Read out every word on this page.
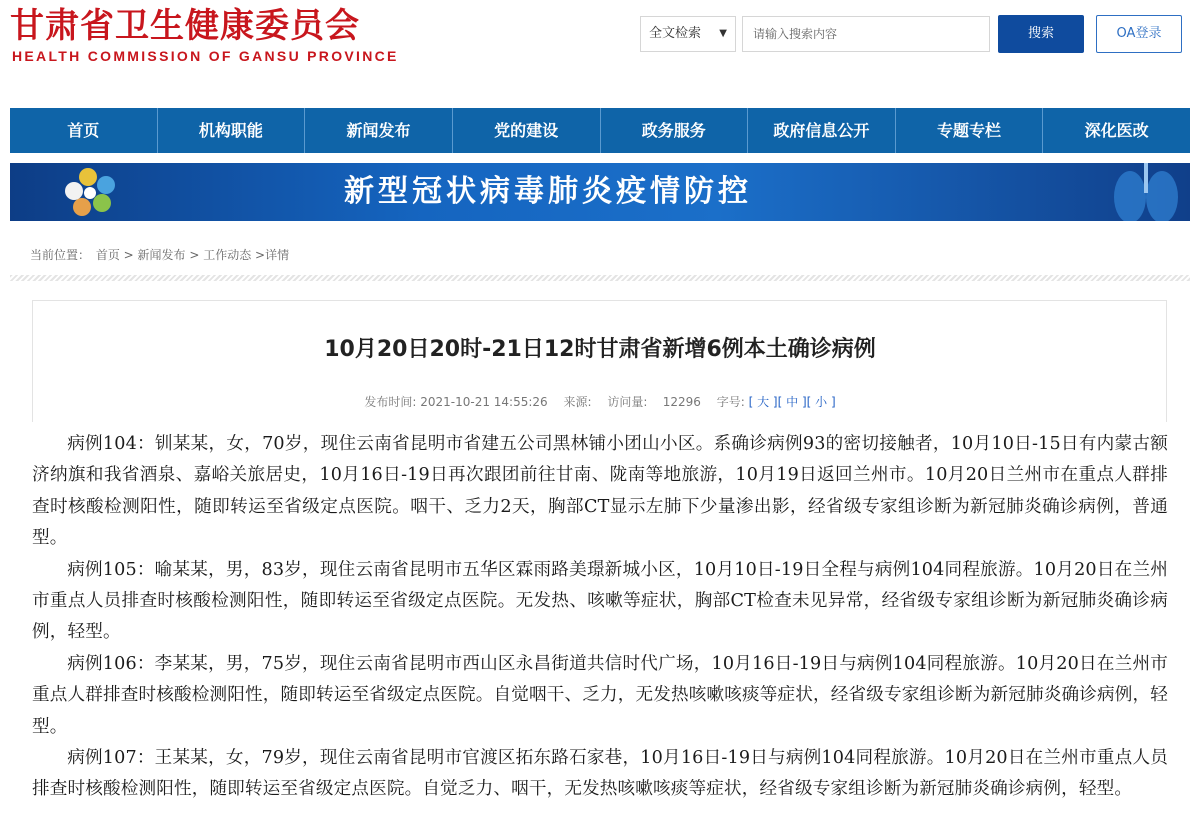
甘肃省卫生健康委员会
HEALTH COMMISSION OF GANSU PROVINCE
全文检索 ▼
请输入搜索内容	搜索	OA登录
首页	机构职能	新闻发布	党的建设	政务服务	政府信息公开	专题专栏	深化医改
新型冠状病毒肺炎疫情防控
当前位置： 首页 > 新闻发布 > 工作动态 >详情
10月20日20时-21日12时甘肃省新增6例本土确诊病例
发布时间: 2021-10-21 14:55:26 来源: 访问量: 12296 字号: [ 大 ][ 中 ][ 小 ]

病例104：钏某某，女，70岁，现住云南省昆明市省建五公司黑林铺小团山小区。系确诊病例93的密切接触者，10月10日-15日有内蒙古额济纳旗和我省酒泉、嘉峪关旅居史，10月16日-19日再次跟团前往甘南、陇南等地旅游，10月19日返回兰州市。10月20日兰州市在重点人群排查时核酸检测阳性，随即转运至省级定点医院。咽干、乏力2天，胸部CT显示左肺下少量渗出影，经省级专家组诊断为新冠肺炎确诊病例，普通型。

病例105：喻某某，男，83岁，现住云南省昆明市五华区霖雨路美璟新城小区，10月10日-19日全程与病例104同程旅游。10月20日在兰州市重点人员排查时核酸检测阳性，随即转运至省级定点医院。无发热、咳嗽等症状，胸部CT检查未见异常，经省级专家组诊断为新冠肺炎确诊病例，轻型。

病例106：李某某，男，75岁，现住云南省昆明市西山区永昌街道共信时代广场，10月16日-19日与病例104同程旅游。10月20日在兰州市重点人群排查时核酸检测阳性，随即转运至省级定点医院。自觉咽干、乏力，无发热咳嗽咳痰等症状，经省级专家组诊断为新冠肺炎确诊病例，轻型。

病例107：王某某，女，79岁，现住云南省昆明市官渡区拓东路石家巷，10月16日-19日与病例104同程旅游。10月20日在兰州市重点人员排查时核酸检测阳性，随即转运至省级定点医院。自觉乏力、咽干，无发热咳嗽咳痰等症状，经省级专家组诊断为新冠肺炎确诊病例，轻型。
